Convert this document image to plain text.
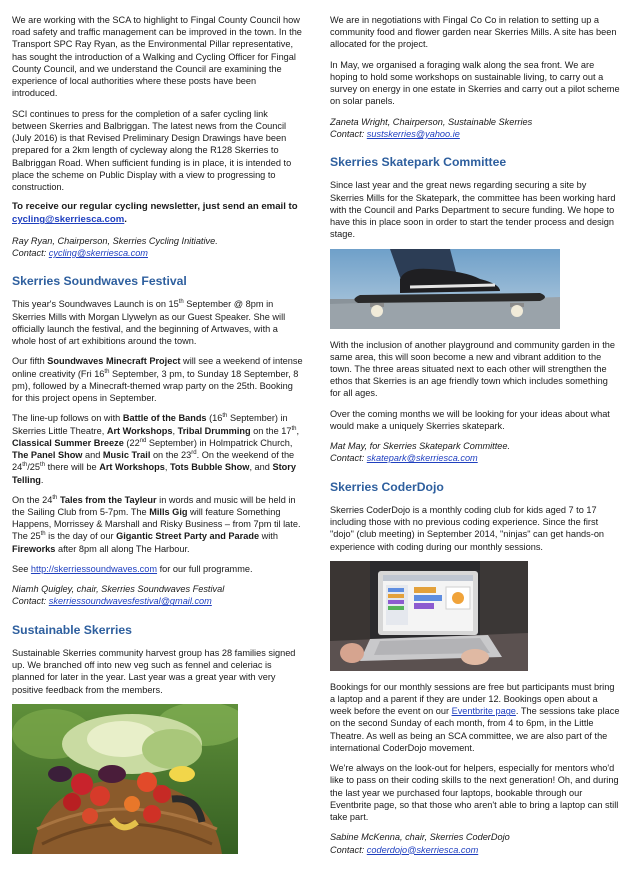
We are working with the SCA to highlight to Fingal County Council how road safety and traffic management can be improved in the town. In the Transport SPC Ray Ryan, as the Environmental Pillar representative, has sought the introduction of a Walking and Cycling Officer for Fingal County Council, and we understand the Council are examining the experience of local authorities where these posts have been introduced.

SCI continues to press for the completion of a safer cycling link between Skerries and Balbriggan. The latest news from the Council (July 2016) is that Revised Preliminary Design Drawings have been prepared for a 2km length of cycleway along the R128 Skerries to Balbriggan Road. When sufficient funding is in place, it is intended to place the scheme on Public Display with a view to progressing to construction.

To receive our regular cycling newsletter, just send an email to cycling@skerriesca.com.

Ray Ryan, Chairperson, Skerries Cycling Initiative.
Contact: cycling@skerriesca.com

Skerries Soundwaves Festival

This year's Soundwaves Launch is on 15th September @ 8pm in Skerries Mills with Morgan Llywelyn as our Guest Speaker. She will officially launch the festival, and the beginning of Artwaves, with a whole host of art exhibitions around the town.

Our fifth Soundwaves Minecraft Project will see a weekend of intense online creativity (Fri 16th September, 3 pm, to Sunday 18 September, 8 pm), followed by a Minecraft-themed wrap party on the 25th. Booking for this project opens in September.

The line-up follows on with Battle of the Bands (16th September) in Skerries Little Theatre, Art Workshops, Tribal Drumming on the 17th, Classical Summer Breeze (22nd September) in Holmpatrick Church, The Panel Show and Music Trail on the 23rd. On the weekend of the 24th/25th there will be Art Workshops, Tots Bubble Show, and Story Telling.

On the 24th Tales from the Tayleur in words and music will be held in the Sailing Club from 5-7pm. The Mills Gig will feature Something Happens, Morrissey & Marshall and Risky Business – from 7pm til late. The 25th is the day of our Gigantic Street Party and Parade with Fireworks after 8pm all along The Harbour.

See http://skerriessoundwaves.com for our full programme.

Niamh Quigley, chair, Skerries Soundwaves Festival
Contact: skerriessoundwavesfestival@gmail.com

Sustainable Skerries

Sustainable Skerries community harvest group has 28 families signed up. We branched off into new veg such as fennel and celeriac is planned for later in the year. Last year was a great year with very positive feedback from the members.

We are in negotiations with Fingal Co Co in relation to setting up a community food and flower garden near Skerries Mills. A site has been allocated for the project.

In May, we organised a foraging walk along the sea front. We are hoping to hold some workshops on sustainable living, to carry out a survey on energy in one estate in Skerries and carry out a pilot scheme on solar panels.

Zaneta Wright, Chairperson, Sustainable Skerries
Contact: sustskerries@yahoo.ie

Skerries Skatepark Committee

Since last year and the great news regarding securing a site by Skerries Mills for the Skatepark, the committee has been working hard with the Council and Parks Department to secure funding. We hope to have this in place soon in order to start the tender process and design stage.

With the inclusion of another playground and community garden in the same area, this will soon become a new and vibrant addition to the town. The three areas situated next to each other will strengthen the ethos that Skerries is an age friendly town which includes something for all ages.

Over the coming months we will be looking for your ideas about what would make a uniquely Skerries skatepark.

Mat May, for Skerries Skatepark Committee.
Contact: skatepark@skerriesca.com

Skerries CoderDojo

Skerries CoderDojo is a monthly coding club for kids aged 7 to 17 including those with no previous coding experience. Since the first "dojo" (club meeting) in September 2014, "ninjas" can get hands-on experience with coding during our monthly sessions.

Bookings for our monthly sessions are free but participants must bring a laptop and a parent if they are under 12. Bookings open about a week before the event on our Eventbrite page. The sessions take place on the second Sunday of each month, from 4 to 6pm, in the Little Theatre. As well as being an SCA committee, we are also part of the international CoderDojo movement.

We're always on the look-out for helpers, especially for mentors who'd like to pass on their coding skills to the next generation! Oh, and during the last year we purchased four laptops, bookable through our Eventbrite page, so that those who aren't able to bring a laptop can still take part.

Sabine McKenna, chair, Skerries CoderDojo
Contact: coderdojo@skerriesca.com
